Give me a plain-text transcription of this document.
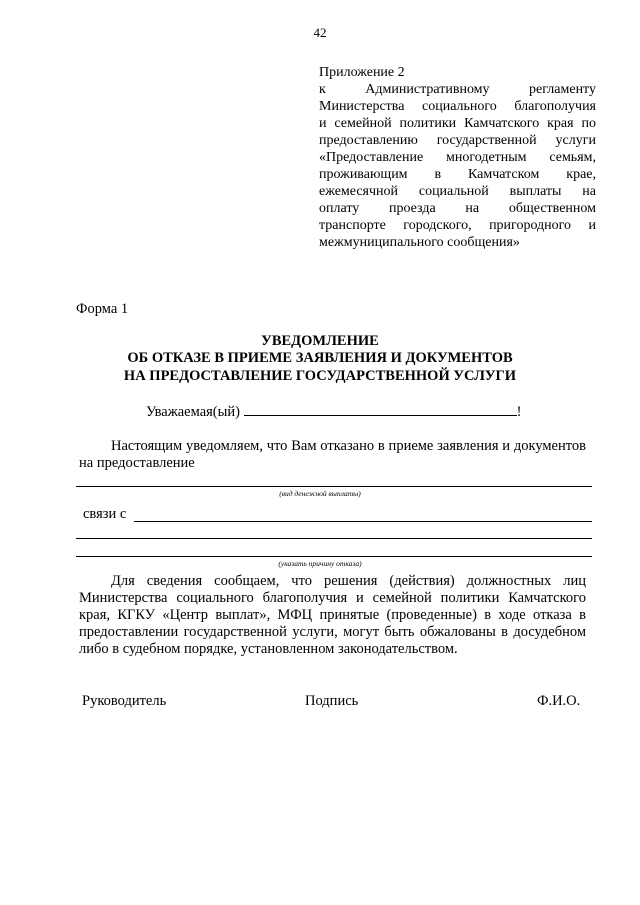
42
Приложение 2
к Административному регламенту
Министерства социального благополучия
и семейной политики Камчатского края по
предоставлению государственной услуги
«Предоставление многодетным семьям,
проживающим в Камчатском крае,
ежемесячной социальной выплаты на
оплату проезда на общественном
транспорте городского, пригородного и
межмуниципального сообщения»
Форма 1
УВЕДОМЛЕНИЕ
ОБ ОТКАЗЕ В ПРИЕМЕ ЗАЯВЛЕНИЯ И ДОКУМЕНТОВ
НА ПРЕДОСТАВЛЕНИЕ ГОСУДАРСТВЕННОЙ УСЛУГИ
Уважаемая(ый)	!
Настоящим уведомляем, что Вам отказано в приеме заявления и документов на предоставление
(вид денежной выплаты)
связи с
(указать причину отказа)
Для сведения сообщаем, что решения (действия) должностных лиц Министерства социального благополучия и семейной политики Камчатского края, КГКУ «Центр выплат», МФЦ принятые (проведенные) в ходе отказа в предоставлении государственной услуги, могут быть обжалованы в досудебном либо в судебном порядке, установленном законодательством.
Руководитель	Подпись	Ф.И.О.
